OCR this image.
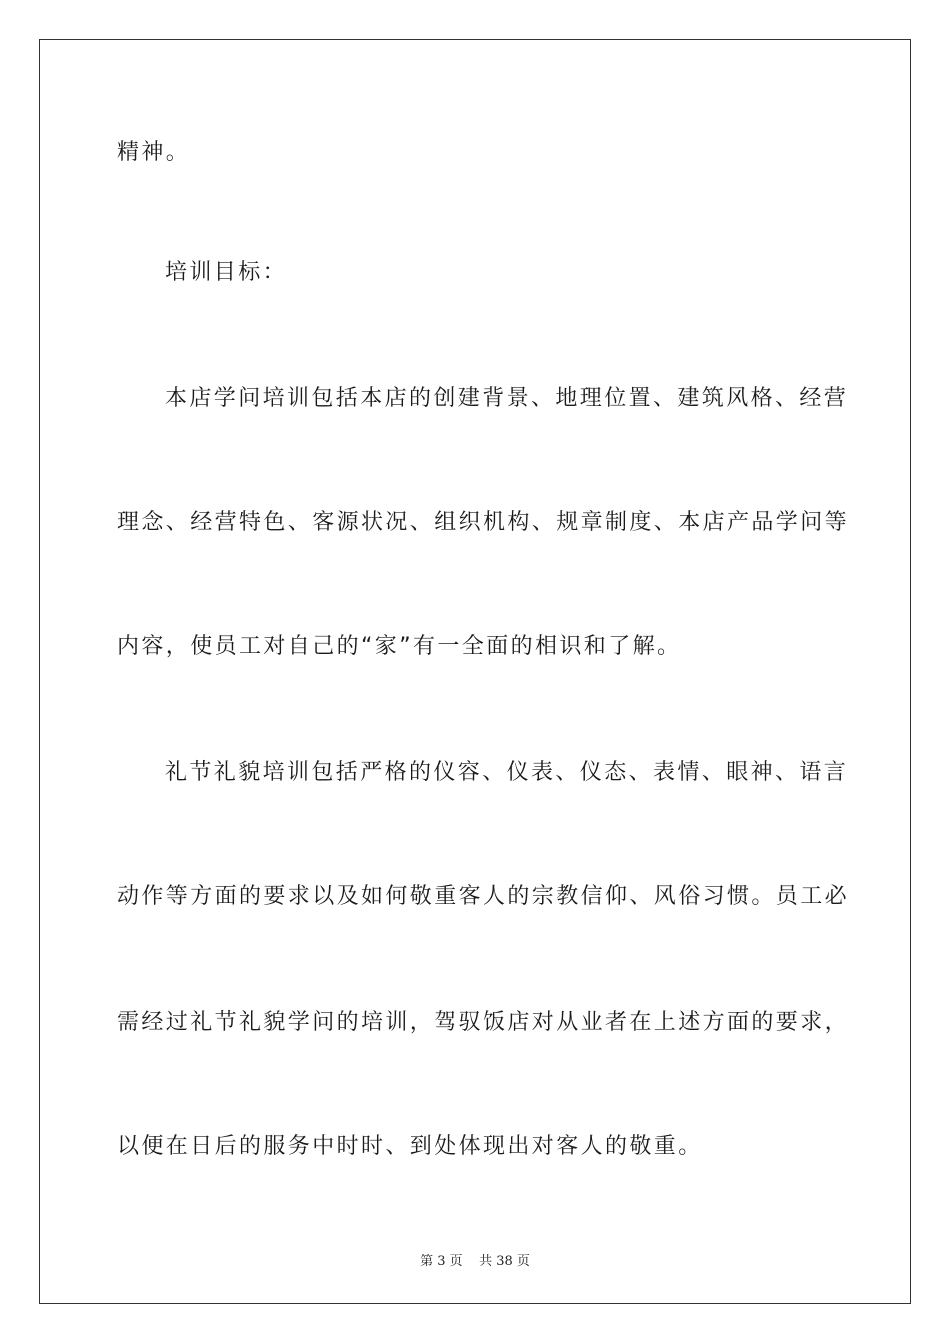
精神。

培训目标：

本店学问培训包括本店的创建背景、地理位置、建筑风格、经营

理念、经营特色、客源状况、组织机构、规章制度、本店产品学问等

内容，使员工对自己的“家”有一全面的相识和了解。

礼节礼貌培训包括严格的仪容、仪表、仪态、表情、眼神、语言

动作等方面的要求以及如何敬重客人的宗教信仰、风俗习惯。员工必

需经过礼节礼貌学问的培训，驾驭饭店对从业者在上述方面的要求，

以便在日后的服务中时时、到处体现出对客人的敬重。

第 3 页    共 38 页
